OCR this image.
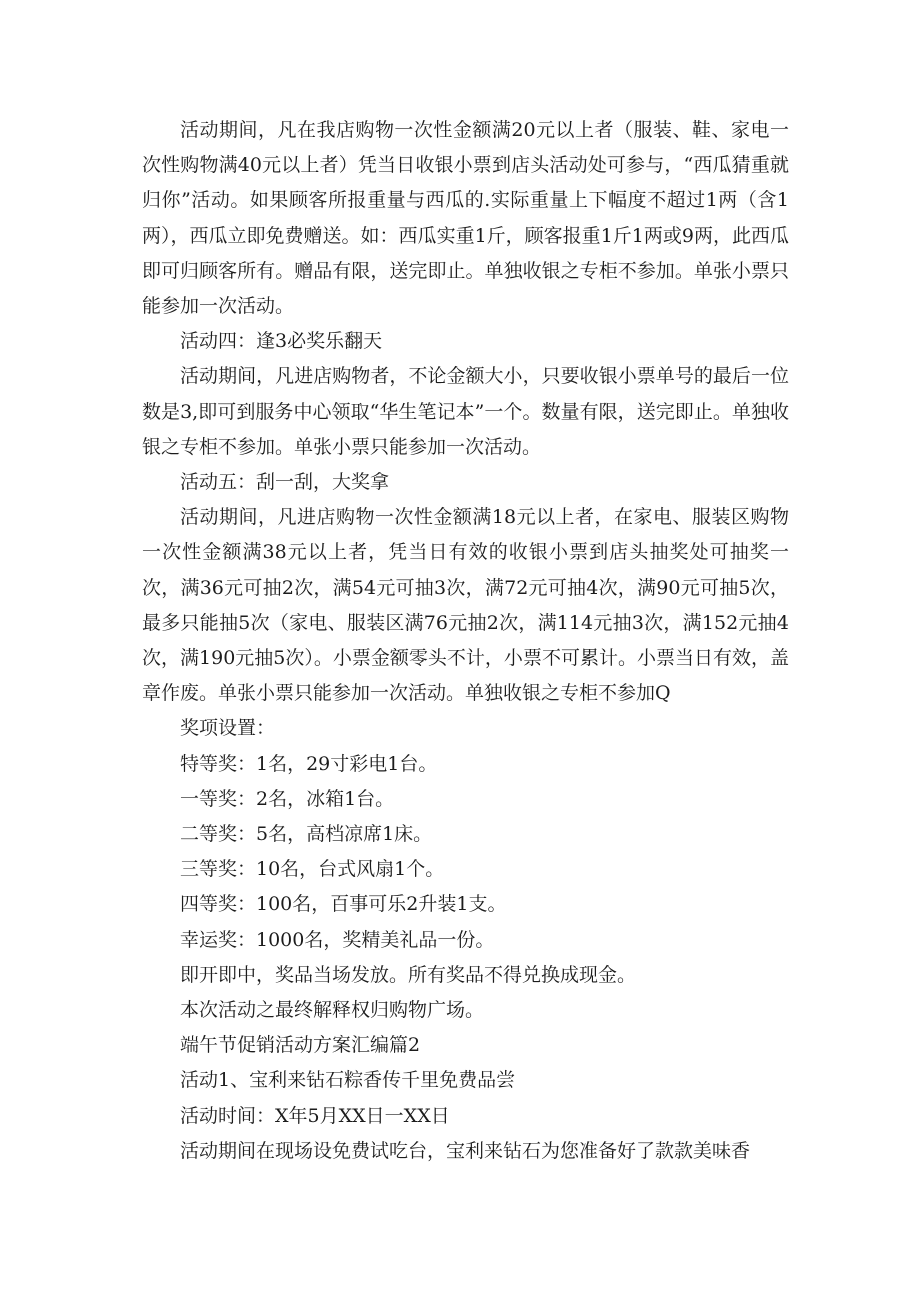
活动期间，凡在我店购物一次性金额满20元以上者（服装、鞋、家电一次性购物满40元以上者）凭当日收银小票到店头活动处可参与，“西瓜猜重就归你”活动。如果顾客所报重量与西瓜的.实际重量上下幅度不超过1两（含1两），西瓜立即免费赠送。如：西瓜实重1斤，顾客报重1斤1两或9两，此西瓜即可归顾客所有。赠品有限，送完即止。单独收银之专柜不参加。单张小票只能参加一次活动。

活动四：逢3必奖乐翻天

活动期间，凡进店购物者，不论金额大小，只要收银小票单号的最后一位数是3,即可到服务中心领取“华生笔记本”一个。数量有限，送完即止。单独收银之专柜不参加。单张小票只能参加一次活动。

活动五：刮一刮，大奖拿

活动期间，凡进店购物一次性金额满18元以上者，在家电、服装区购物一次性金额满38元以上者，凭当日有效的收银小票到店头抽奖处可抽奖一次，满36元可抽2次，满54元可抽3次，满72元可抽4次，满90元可抽5次，最多只能抽5次（家电、服装区满76元抽2次，满114元抽3次，满152元抽4次，满190元抽5次）。小票金额零头不计，小票不可累计。小票当日有效，盖章作废。单张小票只能参加一次活动。单独收银之专柜不参加Q

奖项设置：

特等奖：1名，29寸彩电1台。

一等奖：2名，冰箱1台。

二等奖：5名，高档凉席1床。

三等奖：10名，台式风扇1个。

四等奖：100名，百事可乐2升装1支。

幸运奖：1000名，奖精美礼品一份。

即开即中，奖品当场发放。所有奖品不得兑换成现金。

本次活动之最终解释权归购物广场。

端午节促销活动方案汇编篇2

活动1、宝利来钻石粽香传千里免费品尝

活动时间：X年5月XX日一XX日

活动期间在现场设免费试吃台，宝利来钻石为您准备好了款款美味香
